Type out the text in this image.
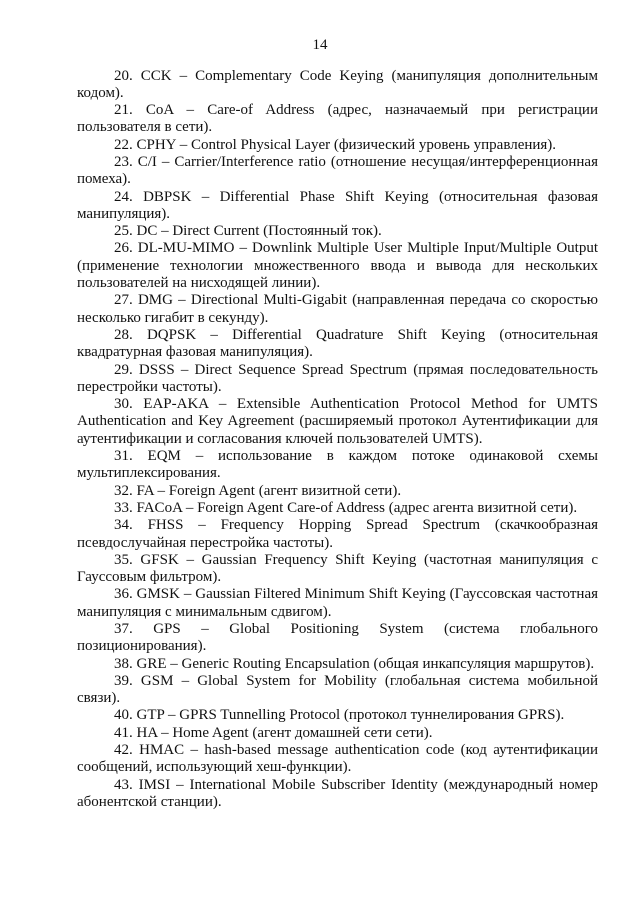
14

20. CCK – Complementary Code Keying (манипуляция дополнительным кодом).

21. CoA – Care-of Address (адрес, назначаемый при регистрации пользователя в сети).

22. CPHY – Control Physical Layer (физический уровень управления).

23. C/I – Carrier/Interference ratio (отношение несущая/интерференционная помеха).

24. DBPSK – Differential Phase Shift Keying (относительная фазовая манипуляция).

25. DC – Direct Current (Постоянный ток).

26. DL-MU-MIMO – Downlink Multiple User Multiple Input/Multiple Output (применение технологии множественного ввода и вывода для нескольких пользователей на нисходящей линии).

27. DMG – Directional Multi-Gigabit (направленная передача со скоростью несколько гигабит в секунду).

28. DQPSK – Differential Quadrature Shift Keying (относительная квадратурная фазовая манипуляция).

29. DSSS – Direct Sequence Spread Spectrum (прямая последовательность перестройки частоты).

30. EAP-AKA – Extensible Authentication Protocol Method for UMTS Authentication and Key Agreement (расширяемый протокол Аутентификации для аутентификации и согласования ключей пользователей UMTS).

31. EQM – использование в каждом потоке одинаковой схемы мультиплексирования.

32. FA – Foreign Agent (агент визитной сети).

33. FACoA – Foreign Agent Care-of Address (адрес агента визитной сети).

34. FHSS – Frequency Hopping Spread Spectrum (скачкообразная псевдослучайная перестройка частоты).

35. GFSK – Gaussian Frequency Shift Keying (частотная манипуляция с Гауссовым фильтром).

36. GMSK – Gaussian Filtered Minimum Shift Keying (Гауссовская частотная манипуляция с минимальным сдвигом).

37. GPS – Global Positioning System (система глобального позиционирования).

38. GRE – Generic Routing Encapsulation (общая инкапсуляция маршрутов).

39. GSM – Global System for Mobility (глобальная система мобильной связи).

40. GTP – GPRS Tunnelling Protocol (протокол туннелирования GPRS).

41. HA – Home Agent (агент домашней сети сети).

42. HMAC – hash-based message authentication code (код аутентификации сообщений, использующий хеш-функции).

43. IMSI – International Mobile Subscriber Identity (международный номер абонентской станции).
